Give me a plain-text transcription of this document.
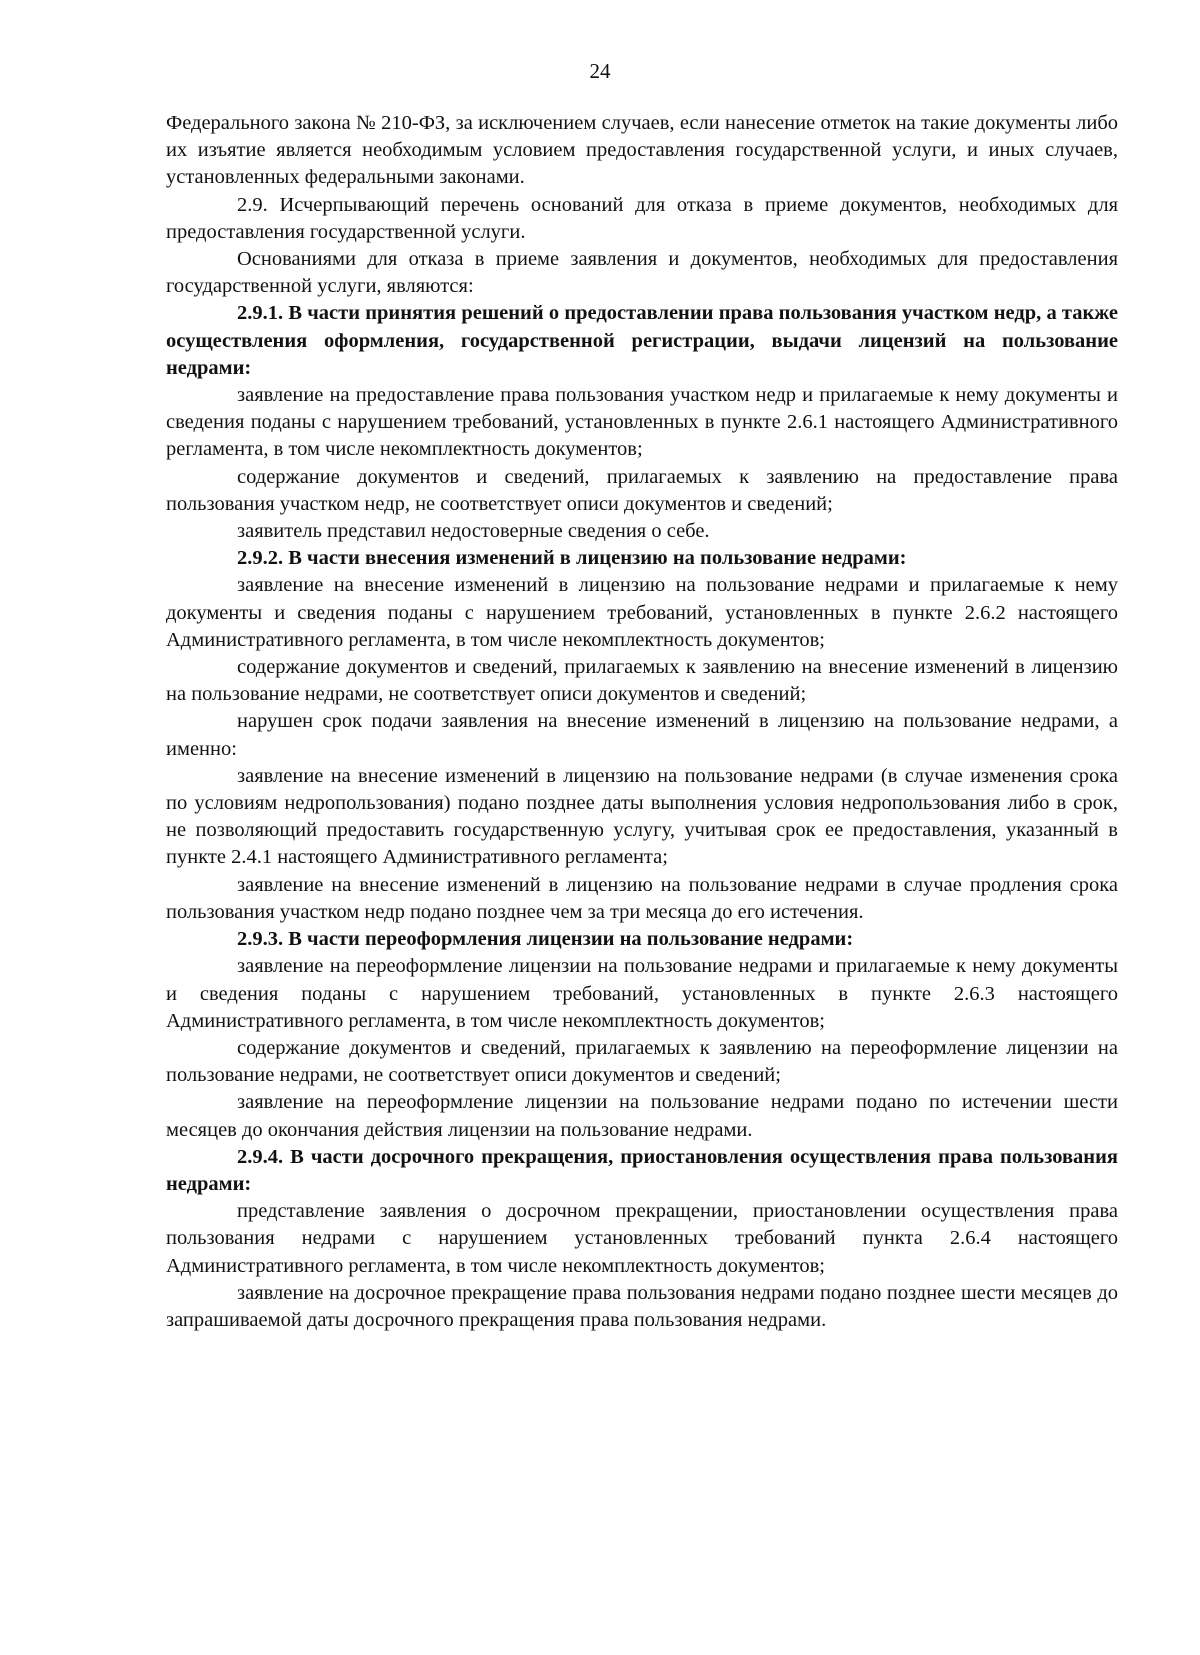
24

Федерального закона № 210-ФЗ, за исключением случаев, если нанесение отметок на такие документы либо их изъятие является необходимым условием предоставления государственной услуги, и иных случаев, установленных федеральными законами.

2.9. Исчерпывающий перечень оснований для отказа в приеме документов, необходимых для предоставления государственной услуги.

Основаниями для отказа в приеме заявления и документов, необходимых для предоставления государственной услуги, являются:

2.9.1. В части принятия решений о предоставлении права пользования участком недр, а также осуществления оформления, государственной регистрации, выдачи лицензий на пользование недрами:

заявление на предоставление права пользования участком недр и прилагаемые к нему документы и сведения поданы с нарушением требований, установленных в пункте 2.6.1 настоящего Административного регламента, в том числе некомплектность документов;

содержание документов и сведений, прилагаемых к заявлению на предоставление права пользования участком недр, не соответствует описи документов и сведений;

заявитель представил недостоверные сведения о себе.

2.9.2. В части внесения изменений в лицензию на пользование недрами:

заявление на внесение изменений в лицензию на пользование недрами и прилагаемые к нему документы и сведения поданы с нарушением требований, установленных в пункте 2.6.2 настоящего Административного регламента, в том числе некомплектность документов;

содержание документов и сведений, прилагаемых к заявлению на внесение изменений в лицензию на пользование недрами, не соответствует описи документов и сведений;

нарушен срок подачи заявления на внесение изменений в лицензию на пользование недрами, а именно:

заявление на внесение изменений в лицензию на пользование недрами (в случае изменения срока по условиям недропользования) подано позднее даты выполнения условия недропользования либо в срок, не позволяющий предоставить государственную услугу, учитывая срок ее предоставления, указанный в пункте 2.4.1 настоящего Административного регламента;

заявление на внесение изменений в лицензию на пользование недрами в случае продления срока пользования участком недр подано позднее чем за три месяца до его истечения.

2.9.3. В части переоформления лицензии на пользование недрами:

заявление на переоформление лицензии на пользование недрами и прилагаемые к нему документы и сведения поданы с нарушением требований, установленных в пункте 2.6.3 настоящего Административного регламента, в том числе некомплектность документов;

содержание документов и сведений, прилагаемых к заявлению на переоформление лицензии на пользование недрами, не соответствует описи документов и сведений;

заявление на переоформление лицензии на пользование недрами подано по истечении шести месяцев до окончания действия лицензии на пользование недрами.

2.9.4. В части досрочного прекращения, приостановления осуществления права пользования недрами:

представление заявления о досрочном прекращении, приостановлении осуществления права пользования недрами с нарушением установленных требований пункта 2.6.4 настоящего Административного регламента, в том числе некомплектность документов;

заявление на досрочное прекращение права пользования недрами подано позднее шести месяцев до запрашиваемой даты досрочного прекращения права пользования недрами.
